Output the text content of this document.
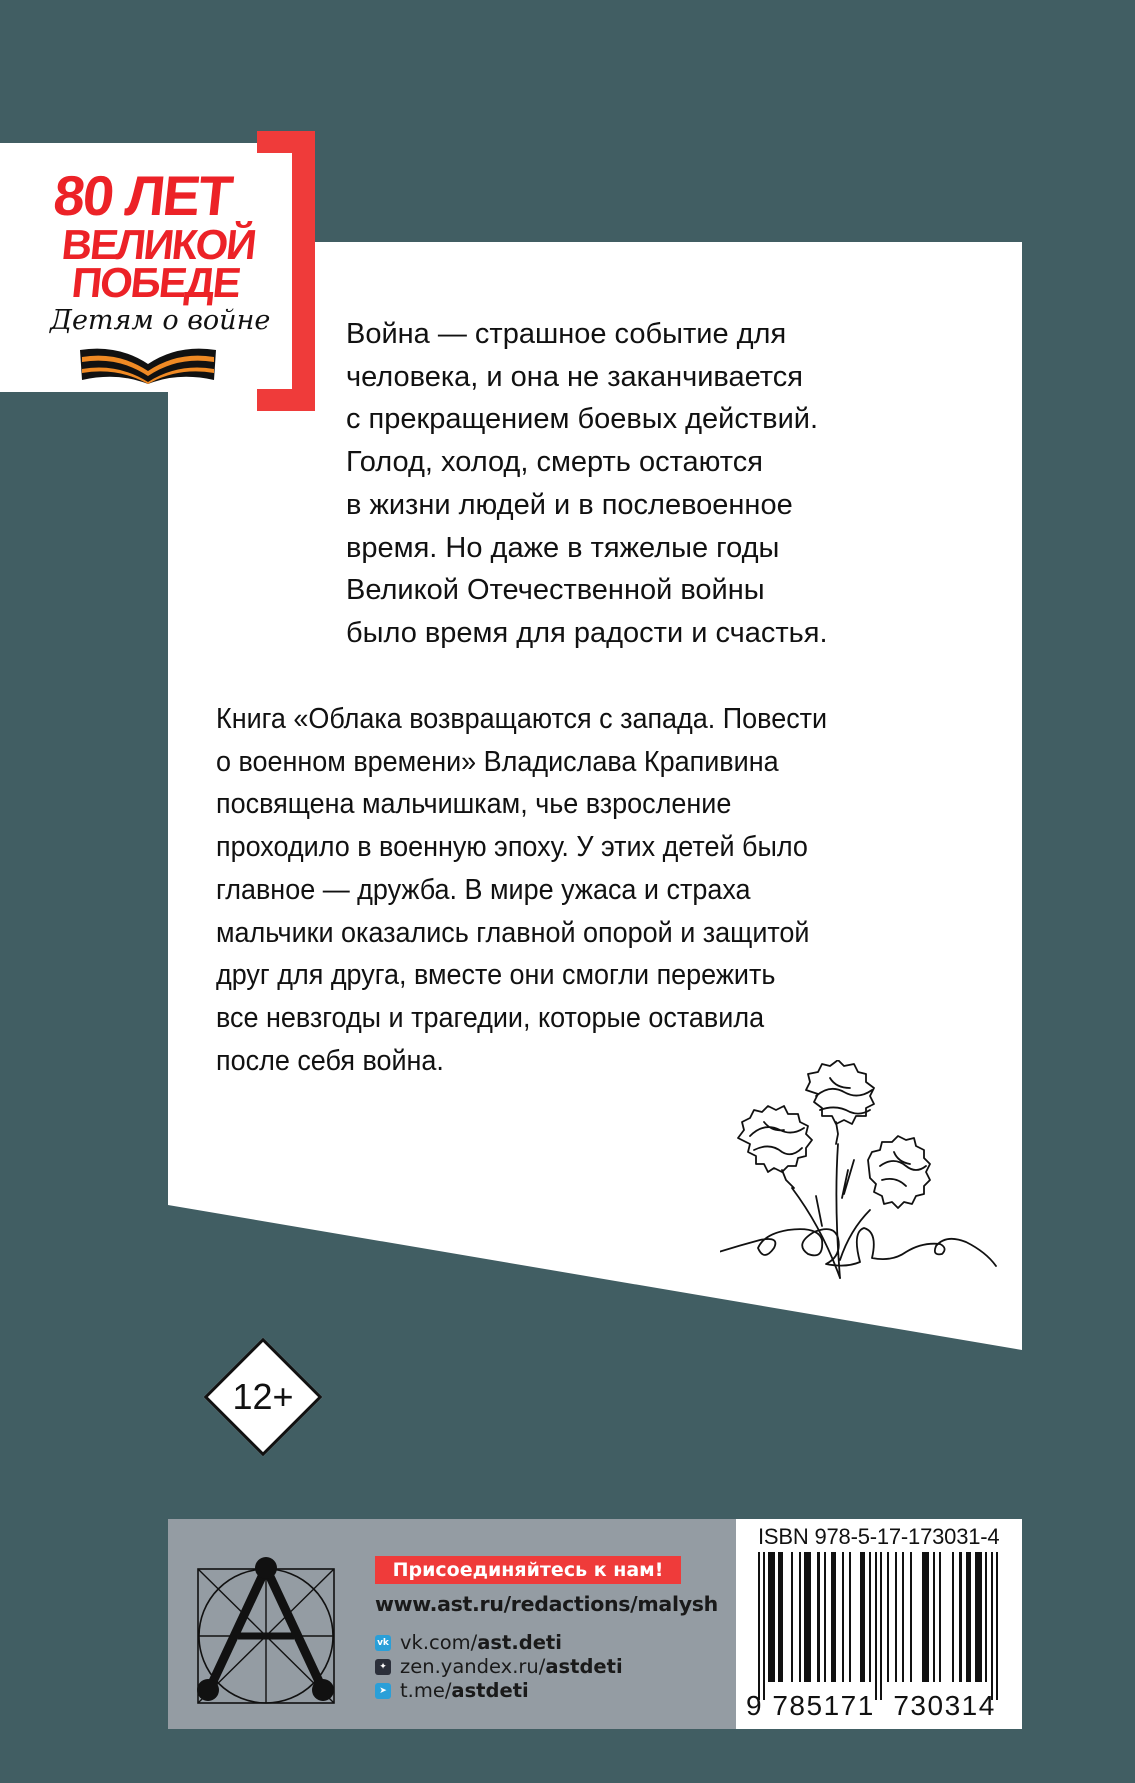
80 ЛЕТ
ВЕЛИКОЙ
ПОБЕДЕ
Детям о войне	Война — страшное событие для
человека, и она не заканчивается
с прекращением боевых действий.
Голод, холод, смерть остаются
в жизни людей и в послевоенное
время. Но даже в тяжелые годы
Великой Отечественной войны
было время для радости и счастья.
Книга «Облака возвращаются с запада. Повести
о военном времени» Владислава Крапивина
посвящена мальчишкам, чье взросление
проходило в военную эпоху. У этих детей было
главное — дружба. В мире ужаса и страха
мальчики оказались главной опорой и защитой
друг для друга, вместе они смогли пережить
все невзгоды и трагедии, которые оставила
после себя война.
12+
Присоединяйтесь к нам!
www.ast.ru/redactions/malysh
vk vk.com/ ast.deti
✦ zen.yandex.ru/ astdeti
➤ t.me/ astdeti
ISBN 978-5-17-173031-4
9 785171 730314
